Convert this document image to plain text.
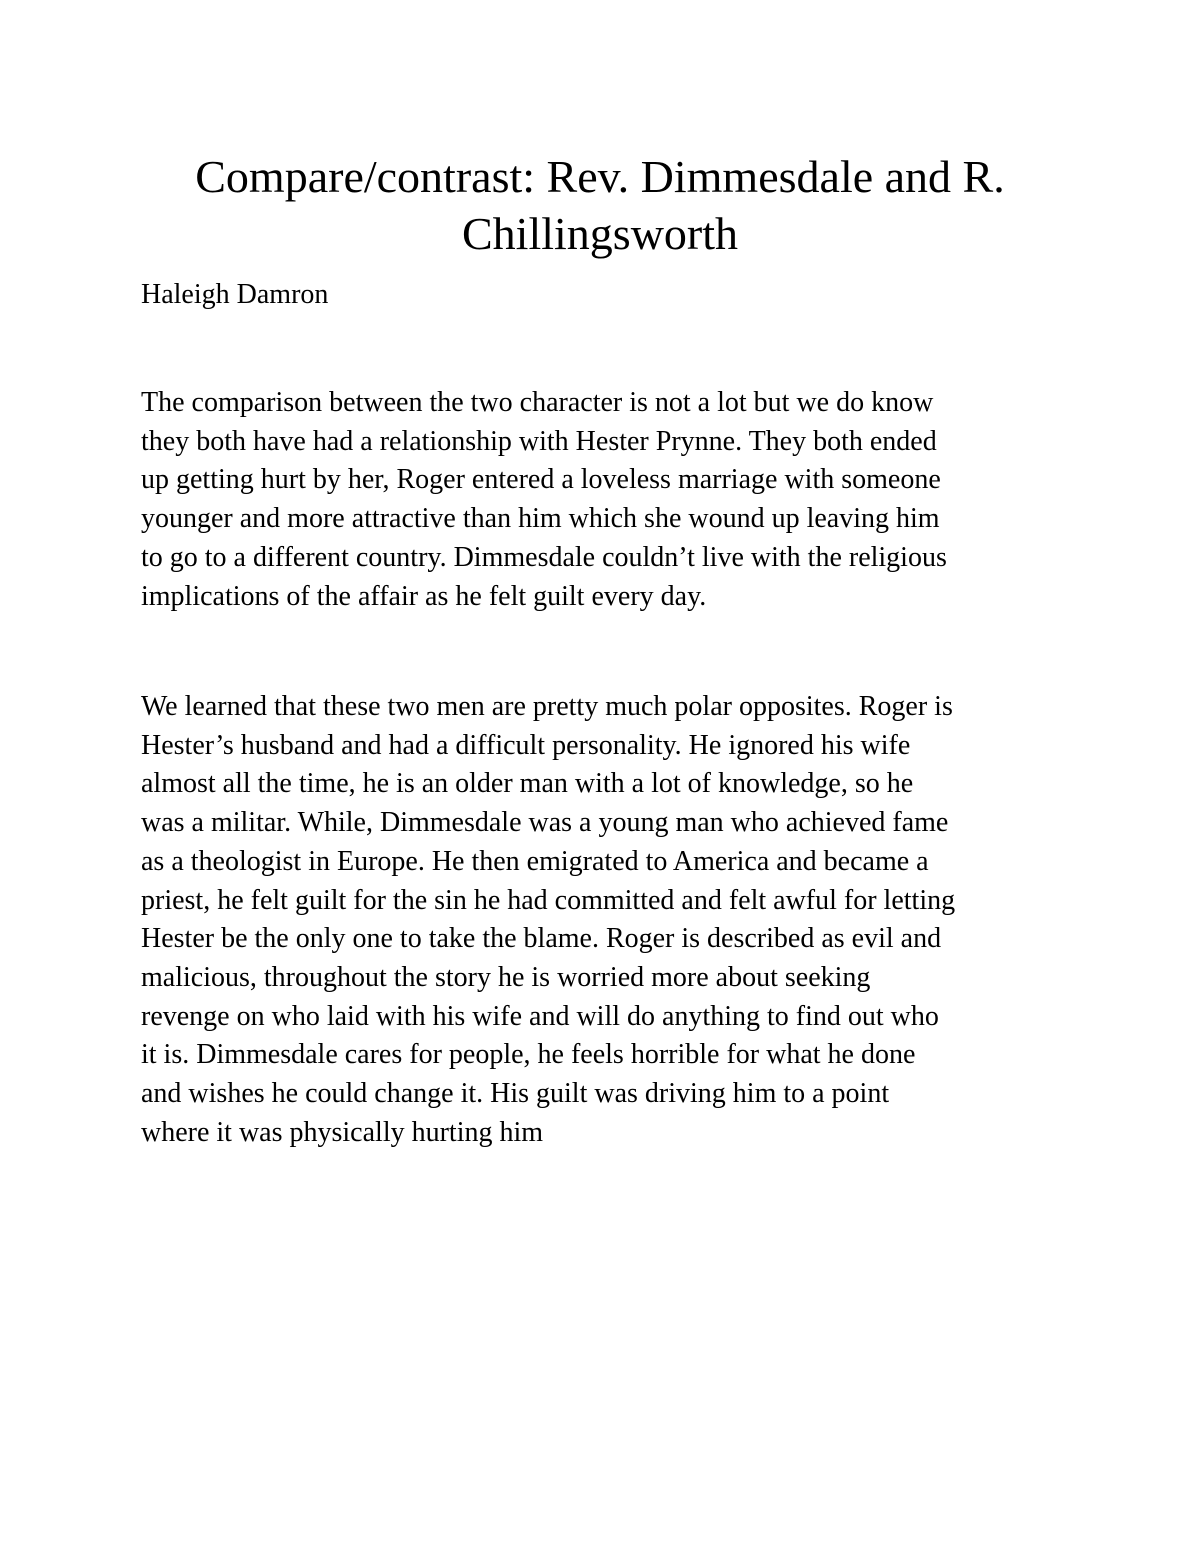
Compare/contrast: Rev. Dimmesdale and R.
Chillingsworth

Haleigh Damron

The comparison between the two character is not a lot but we do know
they both have had a relationship with Hester Prynne. They both ended
up getting hurt by her, Roger entered a loveless marriage with someone
younger and more attractive than him which she wound up leaving him
to go to a different country. Dimmesdale couldn’t live with the religious
implications of the affair as he felt guilt every day.

We learned that these two men are pretty much polar opposites. Roger is
Hester’s husband and had a difficult personality. He ignored his wife
almost all the time, he is an older man with a lot of knowledge, so he
was a militar. While, Dimmesdale was a young man who achieved fame
as a theologist in Europe. He then emigrated to America and became a
priest, he felt guilt for the sin he had committed and felt awful for letting
Hester be the only one to take the blame. Roger is described as evil and
malicious, throughout the story he is worried more about seeking
revenge on who laid with his wife and will do anything to find out who
it is. Dimmesdale cares for people, he feels horrible for what he done
and wishes he could change it. His guilt was driving him to a point
where it was physically hurting him
